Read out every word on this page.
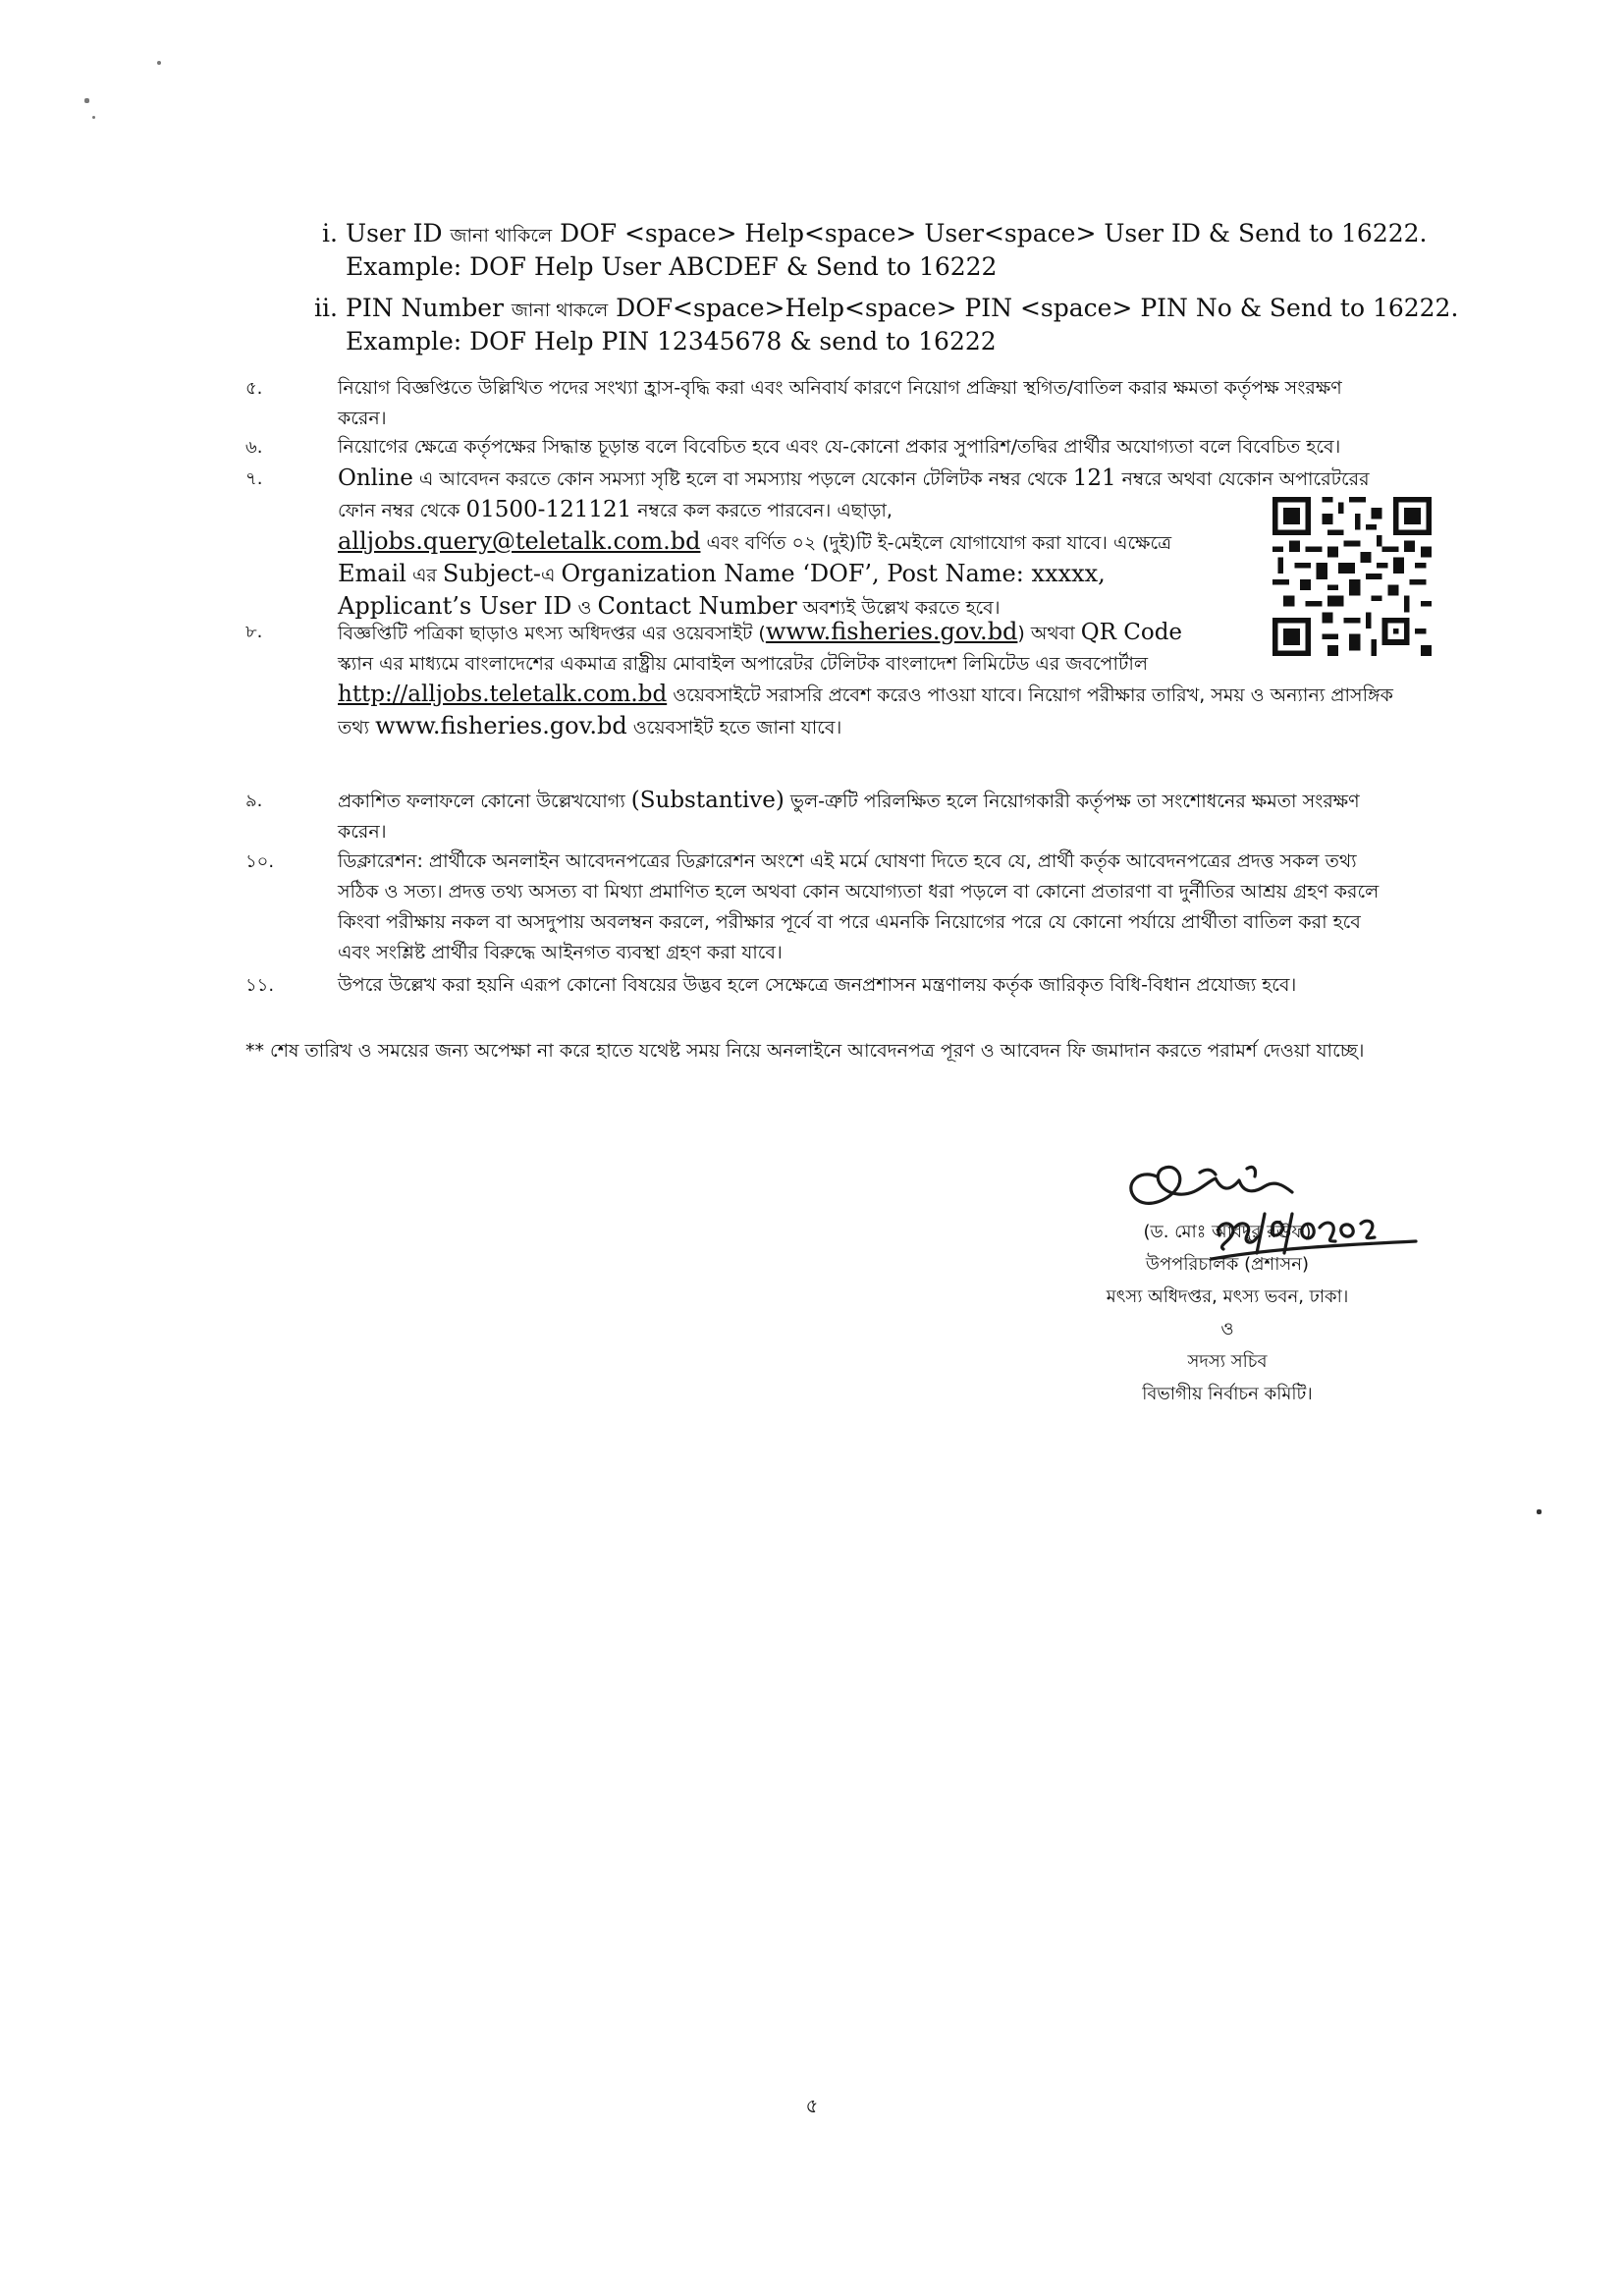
i. User ID জানা থাকিলে DOF <space> Help<space> User<space> User ID & Send to 16222.
Example: DOF Help User ABCDEF & Send to 16222
ii. PIN Number জানা থাকলে DOF<space>Help<space> PIN <space> PIN No & Send to 16222.
Example: DOF Help PIN 12345678 & send to 16222
৫.	নিয়োগ বিজ্ঞপ্তিতে উল্লিখিত পদের সংখ্যা হ্রাস-বৃদ্ধি করা এবং অনিবার্য কারণে নিয়োগ প্রক্রিয়া স্থগিত/বাতিল করার ক্ষমতা কর্তৃপক্ষ সংরক্ষণ
করেন।
৬.	নিয়োগের ক্ষেত্রে কর্তৃপক্ষের সিদ্ধান্ত চূড়ান্ত বলে বিবেচিত হবে এবং যে-কোনো প্রকার সুপারিশ/তদ্বির প্রার্থীর অযোগ্যতা বলে বিবেচিত হবে।
৭.	Online এ আবেদন করতে কোন সমস্যা সৃষ্টি হলে বা সমস্যায় পড়লে যেকোন টেলিটক নম্বর থেকে 121 নম্বরে অথবা যেকোন অপারেটরের
ফোন নম্বর থেকে 01500-121121 নম্বরে কল করতে পারবেন। এছাড়া,
alljobs.query@teletalk.com.bd এবং বর্ণিত ০২ (দুই)টি ই-মেইলে যোগাযোগ করা যাবে। এক্ষেত্রে
Email এর Subject-এ Organization Name ‘DOF’, Post Name: xxxxx,
Applicant’s User ID ও Contact Number অবশ্যই উল্লেখ করতে হবে।
৮.	বিজ্ঞপ্তিটি পত্রিকা ছাড়াও মৎস্য অধিদপ্তর এর ওয়েবসাইট (www.fisheries.gov.bd) অথবা QR Code
স্ক্যান এর মাধ্যমে বাংলাদেশের একমাত্র রাষ্ট্রীয় মোবাইল অপারেটর টেলিটক বাংলাদেশ লিমিটেড এর জবপোর্টাল
http://alljobs.teletalk.com.bd ওয়েবসাইটে সরাসরি প্রবেশ করেও পাওয়া যাবে। নিয়োগ পরীক্ষার তারিখ, সময় ও অন্যান্য প্রাসঙ্গিক
তথ্য www.fisheries.gov.bd ওয়েবসাইট হতে জানা যাবে।
৯.	প্রকাশিত ফলাফলে কোনো উল্লেখযোগ্য (Substantive) ভুল-ত্রুটি পরিলক্ষিত হলে নিয়োগকারী কর্তৃপক্ষ তা সংশোধনের ক্ষমতা সংরক্ষণ
করেন।
১০.	ডিক্লারেশন: প্রার্থীকে অনলাইন আবেদনপত্রের ডিক্লারেশন অংশে এই মর্মে ঘোষণা দিতে হবে যে, প্রার্থী কর্তৃক আবেদনপত্রের প্রদত্ত সকল তথ্য
সঠিক ও সত্য। প্রদত্ত তথ্য অসত্য বা মিথ্যা প্রমাণিত হলে অথবা কোন অযোগ্যতা ধরা পড়লে বা কোনো প্রতারণা বা দুর্নীতির আশ্রয় গ্রহণ করলে
কিংবা পরীক্ষায় নকল বা অসদুপায় অবলম্বন করলে, পরীক্ষার পূর্বে বা পরে এমনকি নিয়োগের পরে যে কোনো পর্যায়ে প্রার্থীতা বাতিল করা হবে
এবং সংশ্লিষ্ট প্রার্থীর বিরুদ্ধে আইনগত ব্যবস্থা গ্রহণ করা যাবে।
১১.	উপরে উল্লেখ করা হয়নি এরূপ কোনো বিষয়ের উদ্ভব হলে সেক্ষেত্রে জনপ্রশাসন মন্ত্রণালয় কর্তৃক জারিকৃত বিধি-বিধান প্রযোজ্য হবে।
** শেষ তারিখ ও সময়ের জন্য অপেক্ষা না করে হাতে যথেষ্ট সময় নিয়ে অনলাইনে আবেদনপত্র পূরণ ও আবেদন ফি জমাদান করতে পরামর্শ দেওয়া যাচ্ছে।
(ড. মোঃ আবদুর রঊফ)
উপপরিচালক (প্রশাসন)
মৎস্য অধিদপ্তর, মৎস্য ভবন, ঢাকা।
ও
সদস্য সচিব
বিভাগীয় নির্বাচন কমিটি।
৫
